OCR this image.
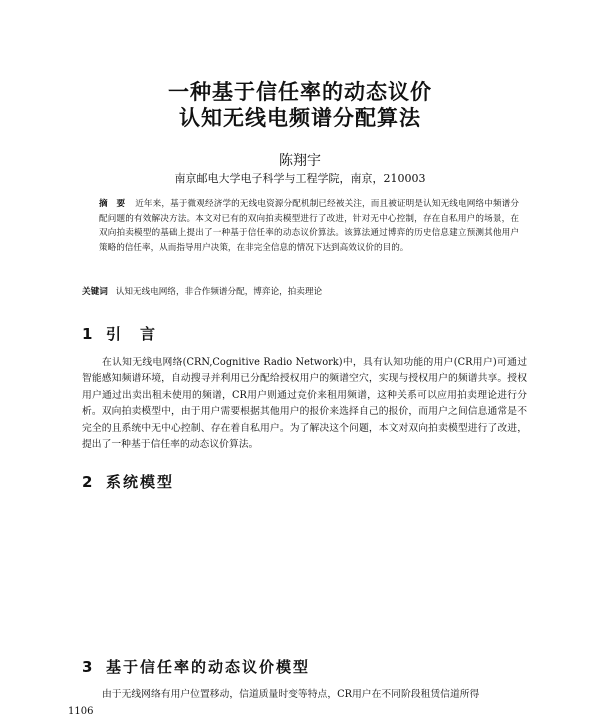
一种基于信任率的动态议价
认知无线电频谱分配算法
陈翔宇
南京邮电大学电子科学与工程学院，南京，210003
摘　要 近年来，基于微观经济学的无线电资源分配机制已经被关注，而且被证明是认知无线电网络中频谱分配问题的有效解决方法。本文对已有的双向拍卖模型进行了改进，针对无中心控制，存在自私用户的场景，在双向拍卖模型的基础上提出了一种基于信任率的动态议价算法。该算法通过博弈的历史信息建立预测其他用户策略的信任率，从而指导用户决策，在非完全信息的情况下达到高效议价的目的。
关键词 认知无线电网络，非合作频谱分配，博弈论，拍卖理论
1 引　言
在认知无线电网络(CRN,Cognitive Radio Network)中，具有认知功能的用户(CR用户)可通过智能感知频谱环境，自动搜寻并利用已分配给授权用户的频谱空穴，实现与授权用户的频谱共享。授权用户通过出卖出租未使用的频谱，CR用户则通过竞价来租用频谱，这种关系可以应用拍卖理论进行分析。双向拍卖模型中，由于用户需要根据其他用户的报价来选择自己的报价，而用户之间信息通常是不完全的且系统中无中心控制、存在着自私用户。为了解决这个问题，本文对双向拍卖模型进行了改进，提出了一种基于信任率的动态议价算法。
2 系统模型
3 基于信任率的动态议价模型
由于无线网络有用户位置移动，信道质量时变等特点，CR用户在不同阶段租赁信道所得
1106
